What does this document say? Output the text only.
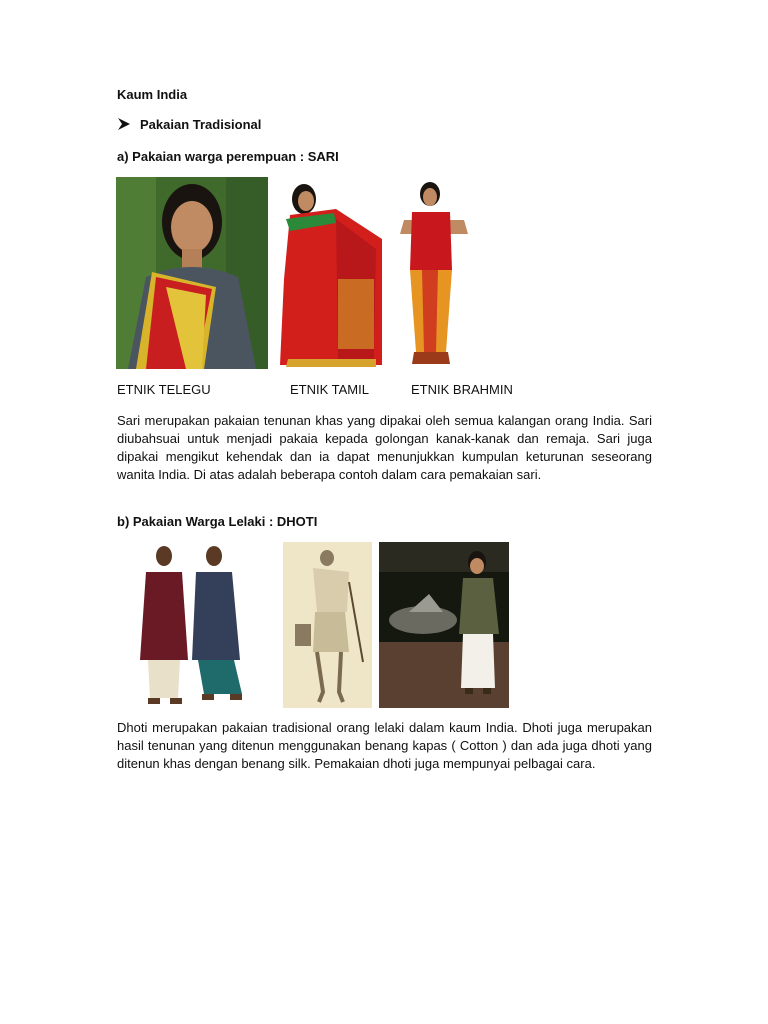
Kaum India
Pakaian Tradisional
a) Pakaian warga perempuan : SARI
ETNIK TELEGU	ETNIK TAMIL	ETNIK BRAHMIN
Sari merupakan pakaian tenunan khas yang dipakai oleh semua kalangan orang India. Sari diubahsuai untuk menjadi pakaia kepada golongan kanak-kanak dan remaja. Sari juga dipakai mengikut kehendak dan ia dapat menunjukkan kumpulan keturunan seseorang wanita India. Di atas adalah beberapa contoh dalam cara pemakaian sari.
b) Pakaian Warga Lelaki : DHOTI
Dhoti merupakan pakaian tradisional orang lelaki dalam kaum India. Dhoti juga merupakan hasil tenunan yang ditenun menggunakan benang kapas ( Cotton ) dan ada juga dhoti yang ditenun khas dengan benang silk. Pemakaian dhoti juga mempunyai pelbagai cara.
